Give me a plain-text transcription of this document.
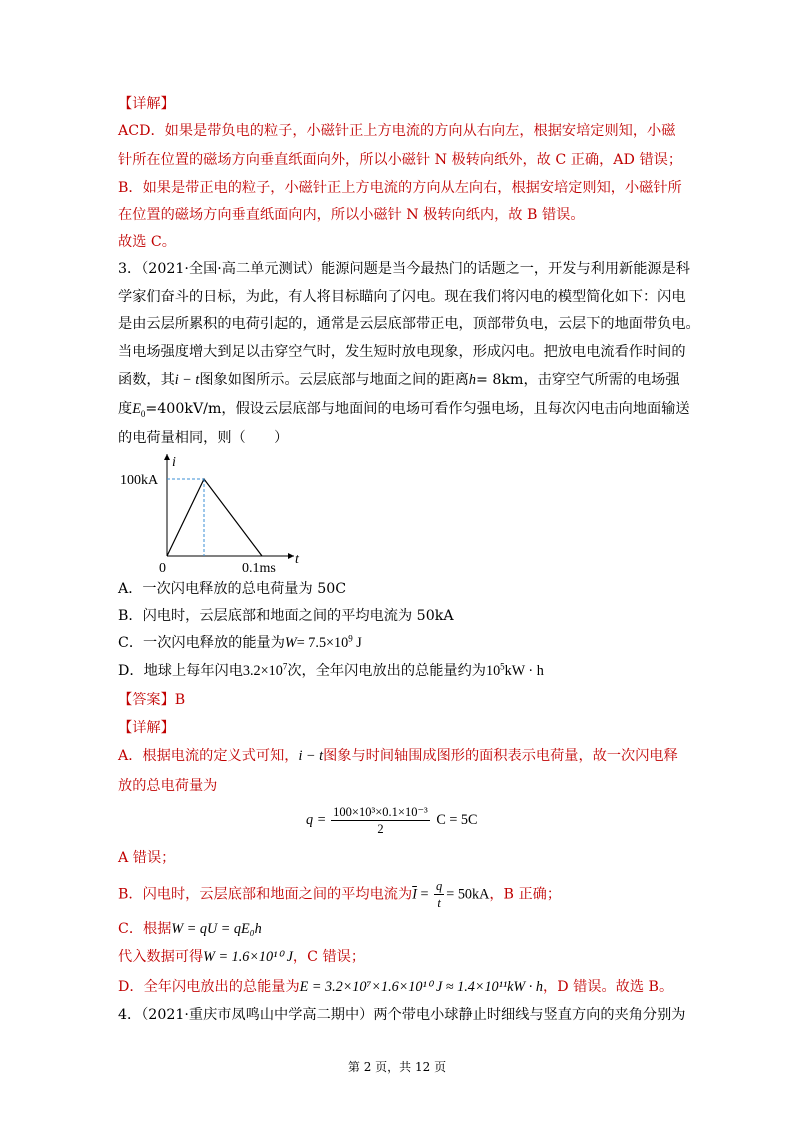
【详解】
ACD．如果是带负电的粒子，小磁针正上方电流的方向从右向左，根据安培定则知，小磁
针所在位置的磁场方向垂直纸面向外，所以小磁针 N 极转向纸外，故 C 正确，AD 错误；
B．如果是带正电的粒子，小磁针正上方电流的方向从左向右，根据安培定则知，小磁针所
在位置的磁场方向垂直纸面向内，所以小磁针 N 极转向纸内，故 B 错误。
故选 C。
3．（2021·全国·高二单元测试）能源问题是当今最热门的话题之一，开发与利用新能源是科
学家们奋斗的日标，为此，有人将目标瞄向了闪电。现在我们将闪电的模型简化如下：闪电
是由云层所累积的电荷引起的，通常是云层底部带正电，顶部带负电，云层下的地面带负电。
当电场强度增大到足以击穿空气时，发生短时放电现象，形成闪电。把放电电流看作时间的
函数，其i − t图象如图所示。云层底部与地面之间的距离h= 8km，击穿空气所需的电场强
度$E_0=400kV/m$，假设云层底部与地面间的电场可看作匀强电场，且每次闪电击向地面输送
的电荷量相同，则（　　）
i
100kA
0	0.1ms
t
A．一次闪电释放的总电荷量为 50C
B．闪电时，云层底部和地面之间的平均电流为 50kA
C．一次闪电释放的能量为$W= 7.5\times 10^9$ J
D．地球上每年闪电$3.2\times 10^7$次，全年闪电放出的总能量约为$10^5kW \cdot h$
【答案】B
【详解】
A．根据电流的定义式可知，i − t图象与时间轴围成图形的面积表示电荷量，故一次闪电释
放的总电荷量为
$q = \frac{\text{100×10³×0.1×10⁻³}}{2}$ C = 5C
A 错误；
B．闪电时，云层底部和地面之间的平均电流为$\overline{I} = \frac{q}{t} = 50kA$，B 正确；
C．根据W = qU = qE₀h
代入数据可得W = 1.6×10¹⁰ J，C 错误；
D．全年闪电放出的总能量为E = 3.2×10⁷×1.6×10¹⁰ J ≈ 1.4×10¹¹kW · h，D 错误。故选 B。
4．（2021·重庆市凤鸣山中学高二期中）两个带电小球静止时细线与竖直方向的夹角分别为
第 2 页，共 12 页
